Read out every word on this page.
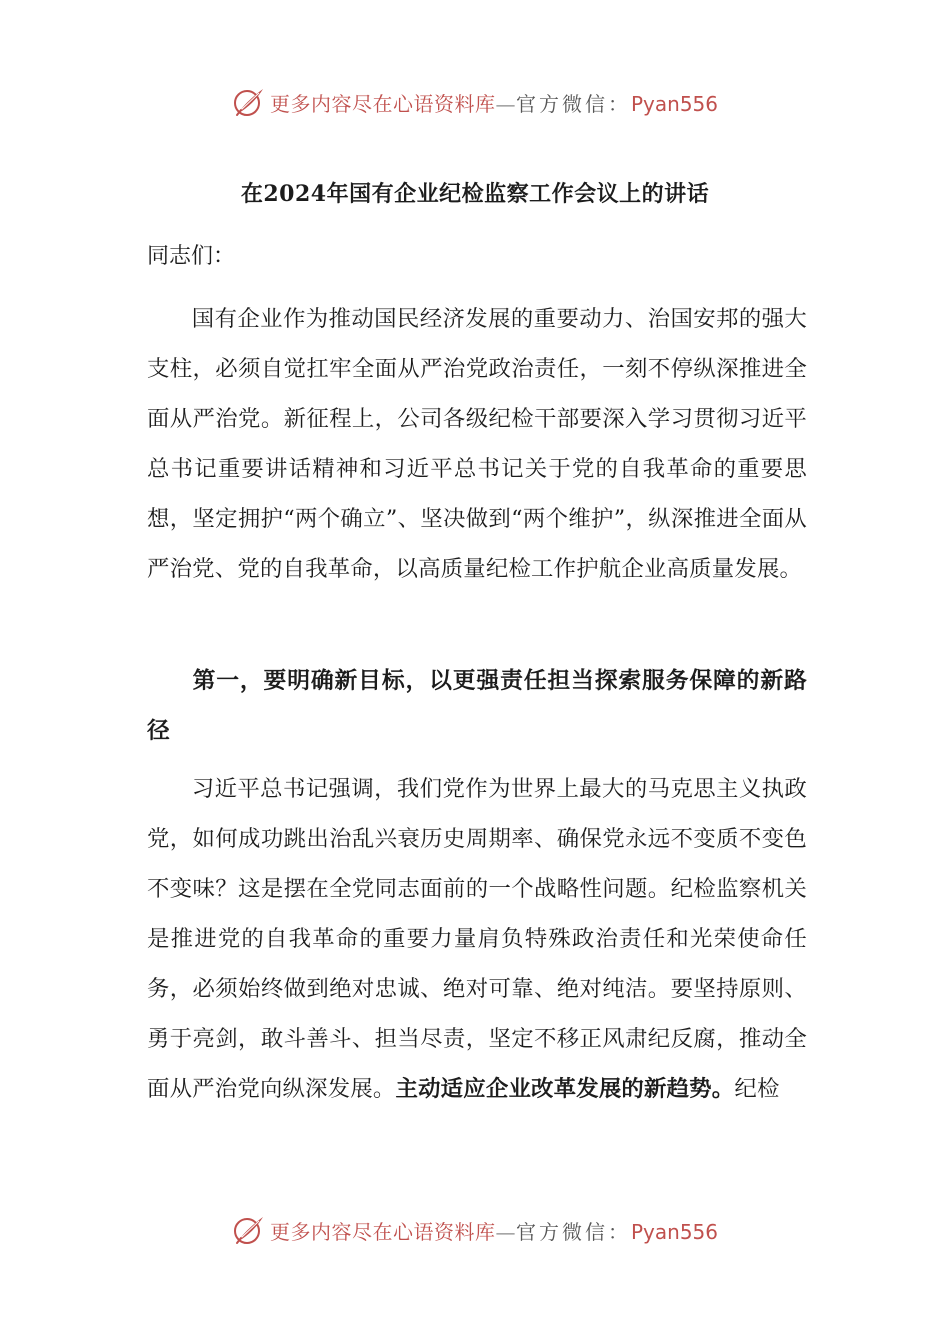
更多内容尽在心语资料库—官方微信：Pyan556
在2024年国有企业纪检监察工作会议上的讲话

同志们：

国有企业作为推动国民经济发展的重要动力、治国安邦的强大支柱，必须自觉扛牢全面从严治党政治责任，一刻不停纵深推进全面从严治党。新征程上，公司各级纪检干部要深入学习贯彻习近平总书记重要讲话精神和习近平总书记关于党的自我革命的重要思想，坚定拥护“两个确立”、坚决做到“两个维护”，纵深推进全面从严治党、党的自我革命，以高质量纪检工作护航企业高质量发展。

第一，要明确新目标，以更强责任担当探索服务保障的新路径

习近平总书记强调，我们党作为世界上最大的马克思主义执政党，如何成功跳出治乱兴衰历史周期率、确保党永远不变质不变色不变味？这是摆在全党同志面前的一个战略性问题。纪检监察机关是推进党的自我革命的重要力量肩负特殊政治责任和光荣使命任务，必须始终做到绝对忠诚、绝对可靠、绝对纯洁。要坚持原则、勇于亮剑，敢斗善斗、担当尽责，坚定不移正风肃纪反腐，推动全面从严治党向纵深发展。主动适应企业改革发展的新趋势。纪检

更多内容尽在心语资料库—官方微信：Pyan556
